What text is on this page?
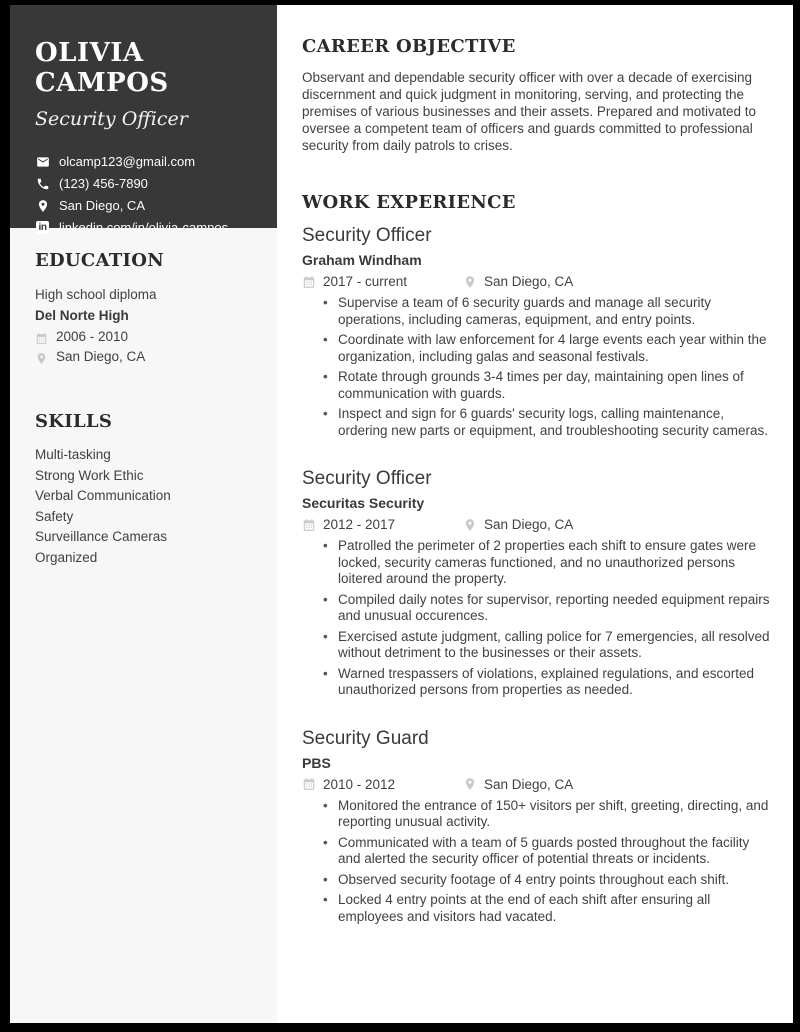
EDUCATION
High school diploma
Del Norte High
2006 - 2010
San Diego, CA
SKILLS
Multi-tasking
Strong Work Ethic
Verbal Communication
Safety
Surveillance Cameras
Organized
OLIVIA CAMPOS
Security Officer
olcamp123@gmail.com
(123) 456-7890
San Diego, CA
in linkedin.com/in/olivia-campos
CAREER OBJECTIVE
Observant and dependable security officer with over a decade of exercising discernment and quick judgment in monitoring, serving, and protecting the premises of various businesses and their assets. Prepared and motivated to oversee a competent team of officers and guards committed to professional security from daily patrols to crises.
WORK EXPERIENCE
Security Officer
Graham Windham
2017 - current	San Diego, CA
• Supervise a team of 6 security guards and manage all security operations, including cameras, equipment, and entry points.
• Coordinate with law enforcement for 4 large events each year within the organization, including galas and seasonal festivals.
• Rotate through grounds 3-4 times per day, maintaining open lines of communication with guards.
• Inspect and sign for 6 guards' security logs, calling maintenance, ordering new parts or equipment, and troubleshooting security cameras.
Security Officer
Securitas Security
2012 - 2017	San Diego, CA
• Patrolled the perimeter of 2 properties each shift to ensure gates were locked, security cameras functioned, and no unauthorized persons loitered around the property.
• Compiled daily notes for supervisor, reporting needed equipment repairs and unusual occurences.
• Exercised astute judgment, calling police for 7 emergencies, all resolved without detriment to the businesses or their assets.
• Warned trespassers of violations, explained regulations, and escorted unauthorized persons from properties as needed.
Security Guard
PBS
2010 - 2012	San Diego, CA
• Monitored the entrance of 150+ visitors per shift, greeting, directing, and reporting unusual activity.
• Communicated with a team of 5 guards posted throughout the facility and alerted the security officer of potential threats or incidents.
• Observed security footage of 4 entry points throughout each shift.
• Locked 4 entry points at the end of each shift after ensuring all employees and visitors had vacated.
